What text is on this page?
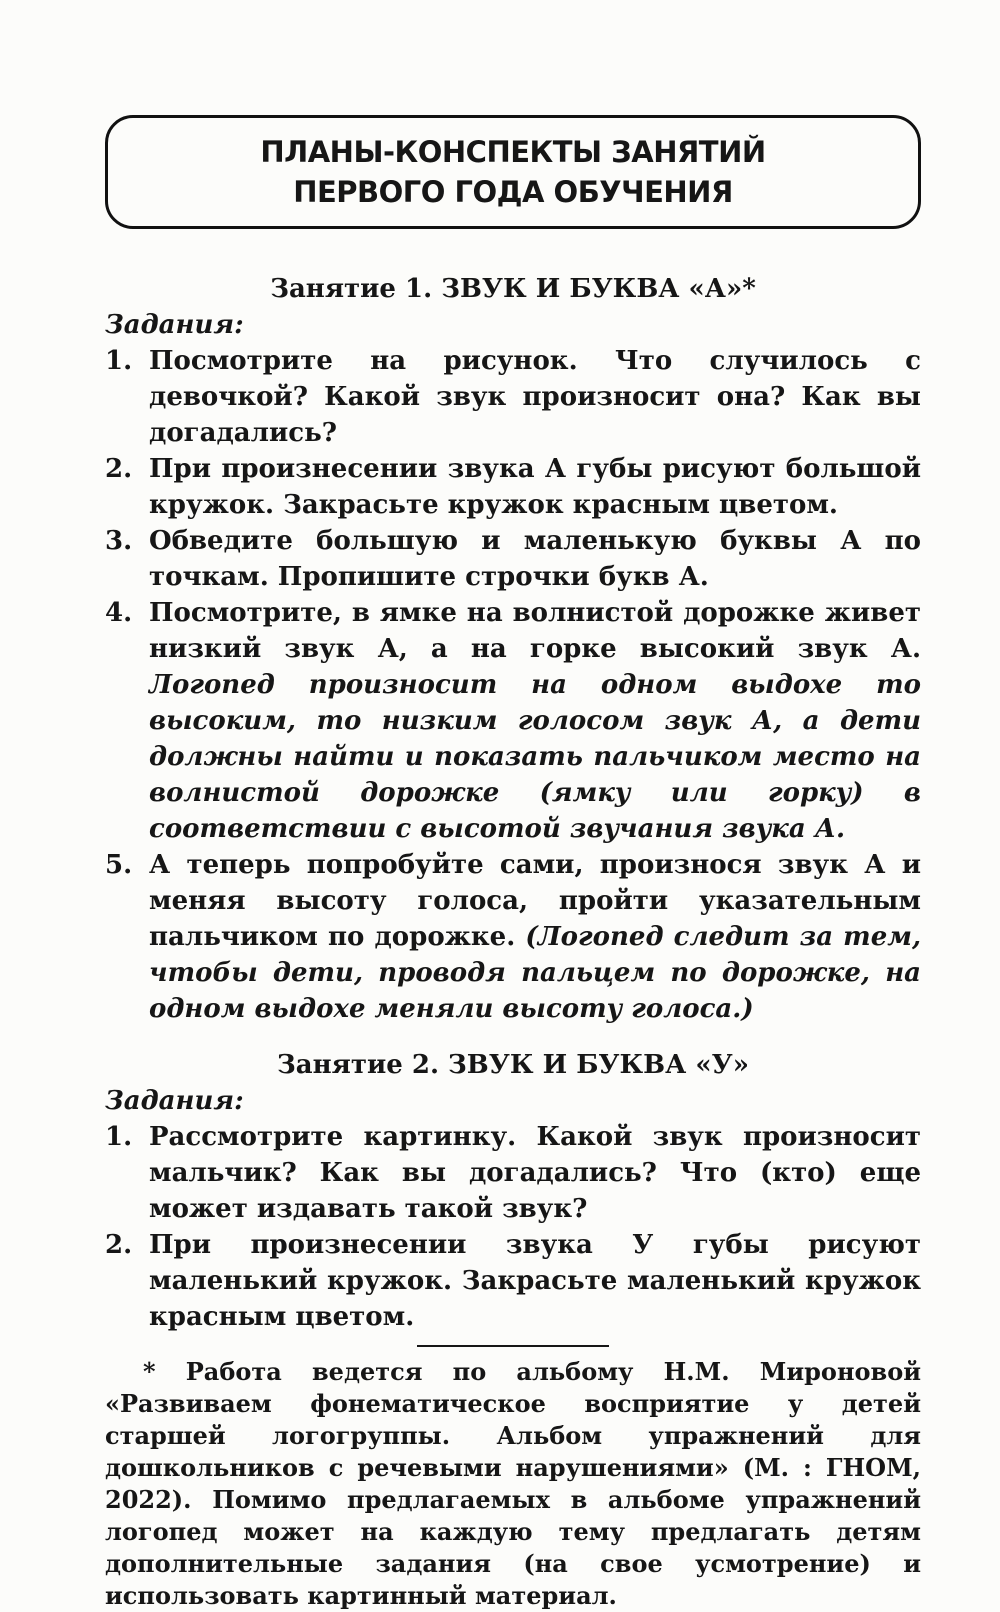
ПЛАНЫ-КОНСПЕКТЫ ЗАНЯТИЙ
ПЕРВОГО ГОДА ОБУЧЕНИЯ
Занятие 1. ЗВУК И БУКВА «А»*
Задания:

1. Посмотрите на рисунок. Что случилось с девочкой? Какой звук произносит она? Как вы догадались?

2. При произнесении звука А губы рисуют большой кружок. Закрасьте кружок красным цветом.

3. Обведите большую и маленькую буквы А по точкам. Пропишите строчки букв А.

4. Посмотрите, в ямке на волнистой дорожке живет низкий звук А, а на горке высокий звук А. Логопед произносит на одном выдохе то высоким, то низким голосом звук А, а дети должны найти и показать пальчиком место на волнистой дорожке (ямку или горку) в соответствии с высотой звучания звука А.

5. А теперь попробуйте сами, произнося звук А и меняя высоту голоса, пройти указательным пальчиком по дорожке. (Логопед следит за тем, чтобы дети, проводя пальцем по дорожке, на одном выдохе меняли высоту голоса.)

Занятие 2. ЗВУК И БУКВА «У»
Задания:

1. Рассмотрите картинку. Какой звук произносит мальчик? Как вы догадались? Что (кто) еще может издавать такой звук?

2. При произнесении звука У губы рисуют маленький кружок. Закрасьте маленький кружок красным цветом.

* Работа ведется по альбому Н.М. Мироновой «Развиваем фонематическое восприятие у детей старшей логогруппы. Альбом упражнений для дошкольников с речевыми нарушениями» (М. : ГНОМ, 2022). Помимо предлагаемых в альбоме упражнений логопед может на каждую тему предлагать детям дополнительные задания (на свое усмотрение) и использовать картинный материал.
